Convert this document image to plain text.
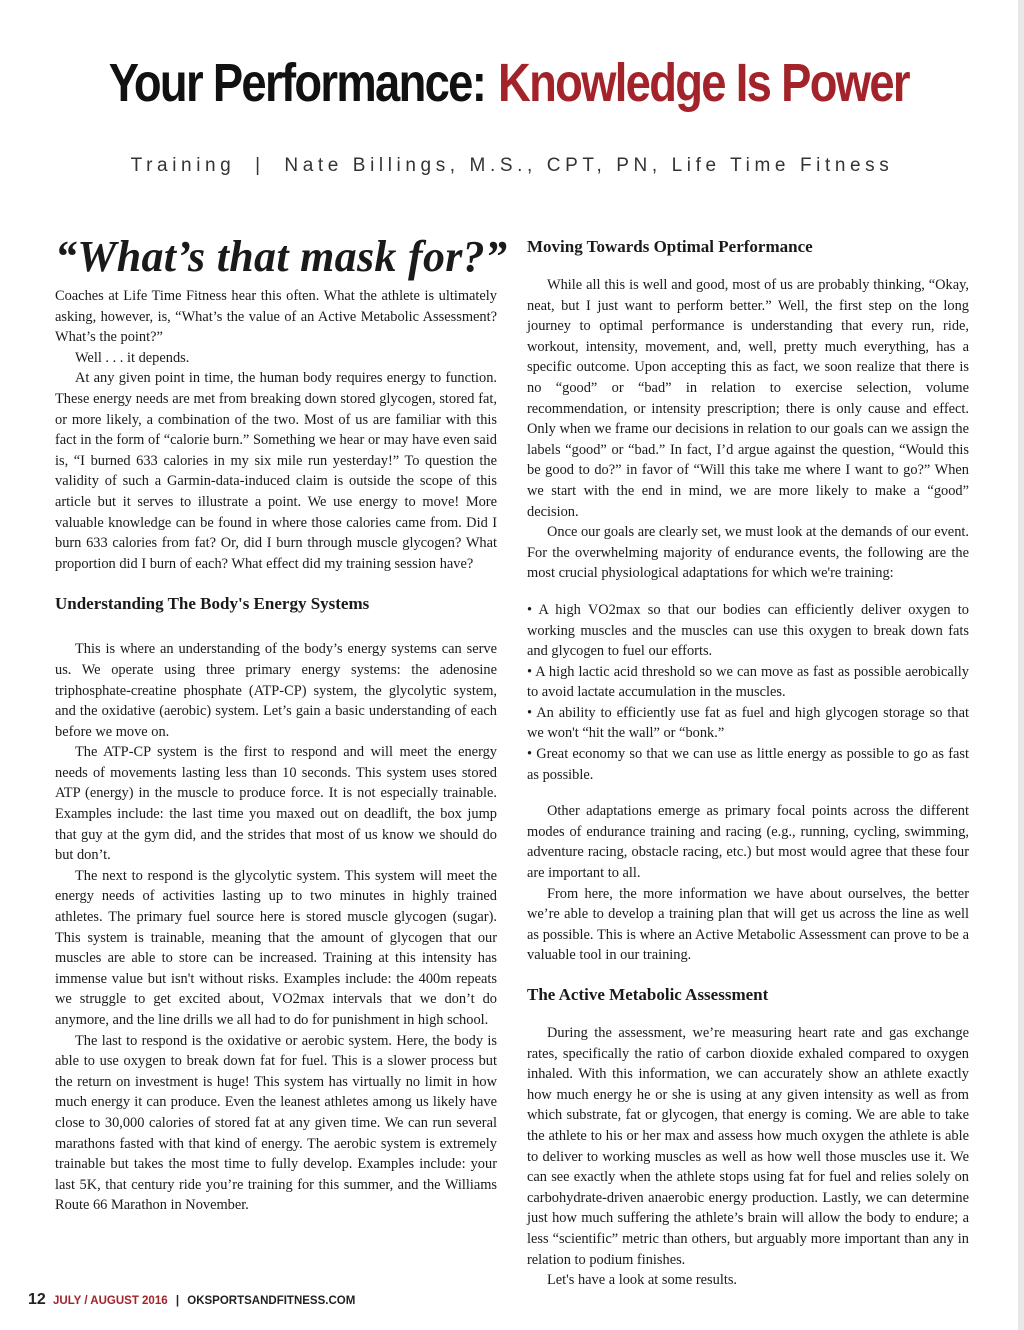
Your Performance: Knowledge Is Power
Training  |  Nate Billings, M.S., CPT, PN, Life Time Fitness
“What’s that mask for?”

Coaches at Life Time Fitness hear this often. What the athlete is ultimately asking, however, is, “What’s the value of an Active Metabolic Assessment? What’s the point?”

Well . . . it depends.

At any given point in time, the human body requires energy to function. These energy needs are met from breaking down stored glycogen, stored fat, or more likely, a combination of the two. Most of us are familiar with this fact in the form of “calorie burn.” Something we hear or may have even said is, “I burned 633 calories in my six mile run yesterday!” To question the validity of such a Garmin-data-induced claim is outside the scope of this article but it serves to illustrate a point. We use energy to move! More valuable knowledge can be found in where those calories came from. Did I burn 633 calories from fat? Or, did I burn through muscle glycogen? What proportion did I burn of each? What effect did my training session have?

Understanding The Body's Energy Systems

This is where an understanding of the body’s energy systems can serve us. We operate using three primary energy systems: the adenosine triphosphate-creatine phosphate (ATP-CP) system, the glycolytic system, and the oxidative (aerobic) system. Let’s gain a basic understanding of each before we move on.

The ATP-CP system is the first to respond and will meet the energy needs of movements lasting less than 10 seconds. This system uses stored ATP (energy) in the muscle to produce force. It is not especially trainable. Examples include: the last time you maxed out on deadlift, the box jump that guy at the gym did, and the strides that most of us know we should do but don’t.

The next to respond is the glycolytic system. This system will meet the energy needs of activities lasting up to two minutes in highly trained athletes. The primary fuel source here is stored muscle glycogen (sugar). This system is trainable, meaning that the amount of glycogen that our muscles are able to store can be increased. Training at this intensity has immense value but isn't without risks. Examples include: the 400m repeats we struggle to get excited about, VO2max intervals that we don’t do anymore, and the line drills we all had to do for punishment in high school.

The last to respond is the oxidative or aerobic system. Here, the body is able to use oxygen to break down fat for fuel. This is a slower process but the return on investment is huge! This system has virtually no limit in how much energy it can produce. Even the leanest athletes among us likely have close to 30,000 calories of stored fat at any given time. We can run several marathons fasted with that kind of energy. The aerobic system is extremely trainable but takes the most time to fully develop. Examples include: your last 5K, that century ride you’re training for this summer, and the Williams Route 66 Marathon in November.

Moving Towards Optimal Performance

While all this is well and good, most of us are probably thinking, “Okay, neat, but I just want to perform better.” Well, the first step on the long journey to optimal performance is understanding that every run, ride, workout, intensity, movement, and, well, pretty much everything, has a specific outcome. Upon accepting this as fact, we soon realize that there is no “good” or “bad” in relation to exercise selection, volume recommendation, or intensity prescription; there is only cause and effect. Only when we frame our decisions in relation to our goals can we assign the labels “good” or “bad.” In fact, I’d argue against the question, “Would this be good to do?” in favor of “Will this take me where I want to go?” When we start with the end in mind, we are more likely to make a “good” decision.

Once our goals are clearly set, we must look at the demands of our event. For the overwhelming majority of endurance events, the following are the most crucial physiological adaptations for which we're training:

• A high VO2max so that our bodies can efficiently deliver oxygen to working muscles and the muscles can use this oxygen to break down fats and glycogen to fuel our efforts.

• A high lactic acid threshold so we can move as fast as possible aerobically to avoid lactate accumulation in the muscles.

• An ability to efficiently use fat as fuel and high glycogen storage so that we won't “hit the wall” or “bonk.”

• Great economy so that we can use as little energy as possible to go as fast as possible.

Other adaptations emerge as primary focal points across the different modes of endurance training and racing (e.g., running, cycling, swimming, adventure racing, obstacle racing, etc.) but most would agree that these four are important to all.

From here, the more information we have about ourselves, the better we’re able to develop a training plan that will get us across the line as well as possible. This is where an Active Metabolic Assessment can prove to be a valuable tool in our training.

The Active Metabolic Assessment

During the assessment, we’re measuring heart rate and gas exchange rates, specifically the ratio of carbon dioxide exhaled compared to oxygen inhaled. With this information, we can accurately show an athlete exactly how much energy he or she is using at any given intensity as well as from which substrate, fat or glycogen, that energy is coming. We are able to take the athlete to his or her max and assess how much oxygen the athlete is able to deliver to working muscles as well as how well those muscles use it. We can see exactly when the athlete stops using fat for fuel and relies solely on carbohydrate-driven anaerobic energy production. Lastly, we can determine just how much suffering the athlete’s brain will allow the body to endure; a less “scientific” metric than others, but arguably more important than any in relation to podium finishes.

Let's have a look at some results.

12 JULY / AUGUST 2016 | OKSPORTSANDFITNESS.COM
